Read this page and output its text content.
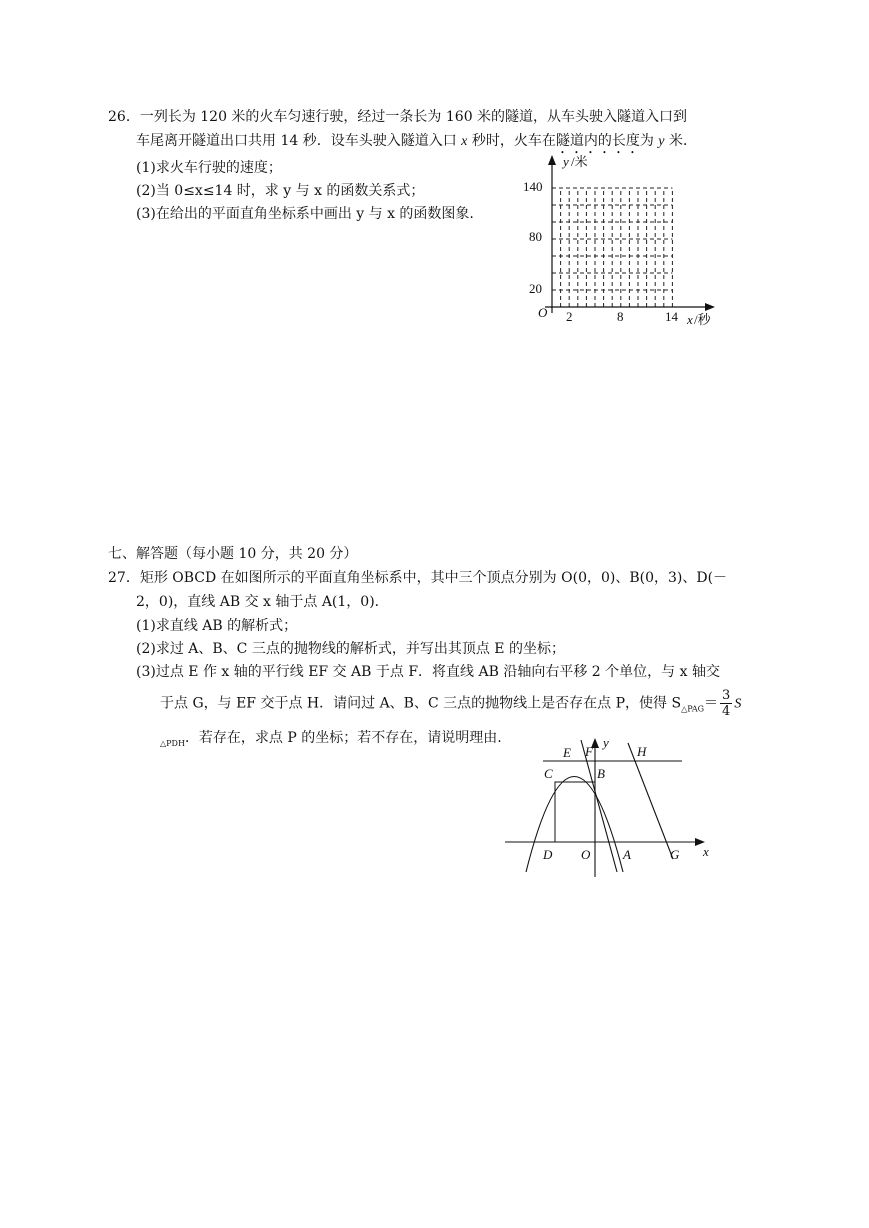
26．一列长为 120 米的火车匀速行驶，经过一条长为 160 米的隧道，从车头驶入隧道入口到
车尾离开隧道出口共用 14 秒．设车头驶入隧道入口 x 秒时，火车在隧道内的长度为 y 米．
(1)求火车行驶的速度；
(2)当 0≤x≤14 时，求 y 与 x 的函数关系式；
(3)在给出的平面直角坐标系中画出 y 与 x 的函数图象.
y /米
x /秒
O
140
80
20
2	8	14
七、解答题（每小题 10 分，共 20 分）
27．矩形 OBCD 在如图所示的平面直角坐标系中，其中三个顶点分别为 O(0，0)、B(0，3)、D(－
2，0)，直线 AB 交 x 轴于点 A(1，0)．
(1)求直线 AB 的解析式；
(2)求过 A、B、C 三点的抛物线的解析式，并写出其顶点 E 的坐标；
(3)过点 E 作 x 轴的平行线 EF 交 AB 于点 F．将直线 AB 沿轴向右平移 2 个单位，与 x 轴交
于点 G，与 EF 交于点 H．请问过 A、B、C 三点的抛物线上是否存在点 P，使得 $S_{\triangle PAG}= \frac{3}{4}$ S
$_{\triangle PDH}$．若存在，求点 P 的坐标；若不存在，请说明理由.
E F
y
H
C	B
D O	A	G x
